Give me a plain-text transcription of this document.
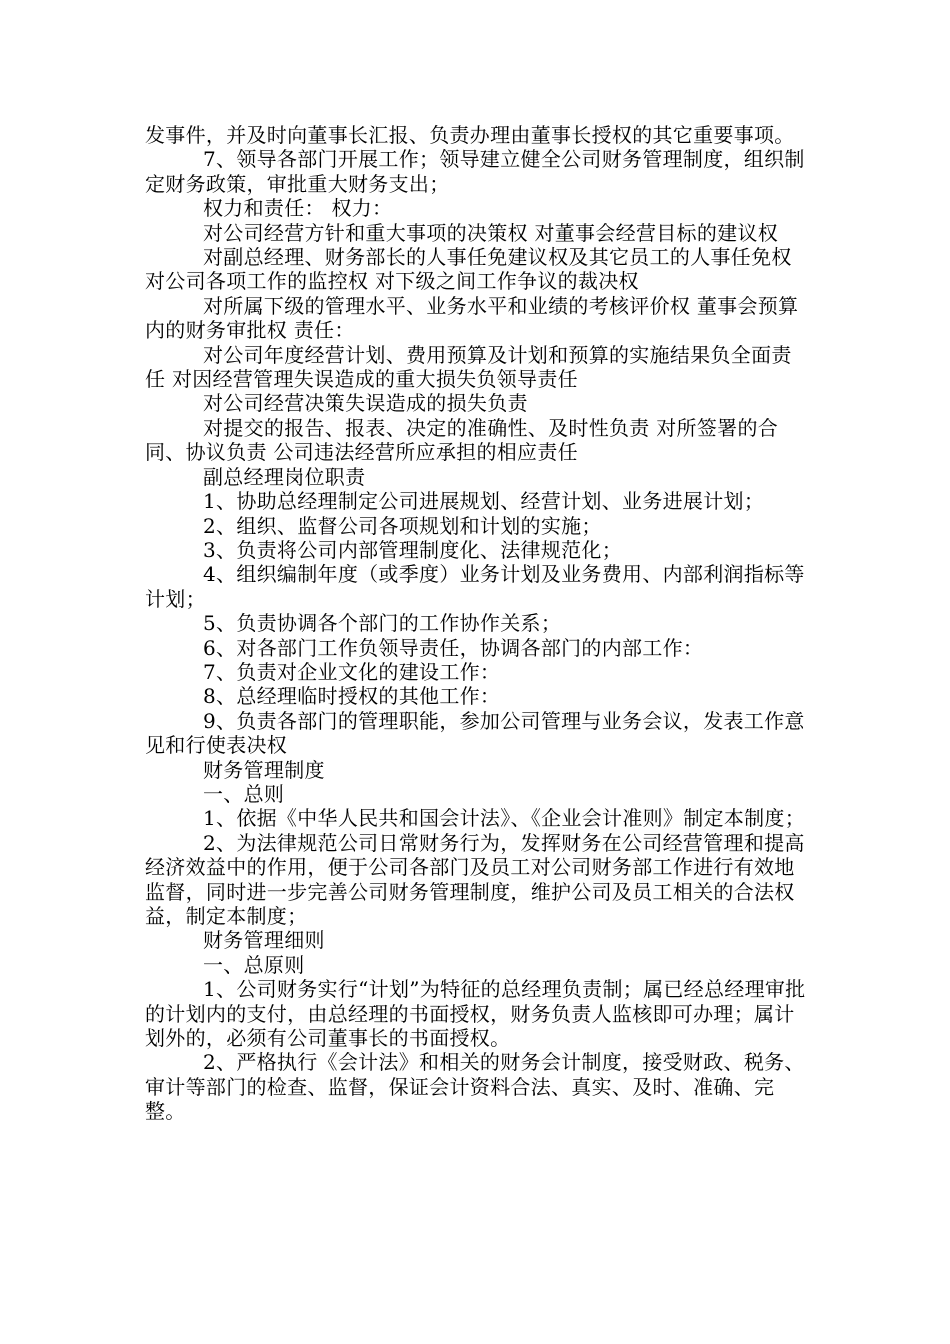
发事件，并及时向董事长汇报、负责办理由董事长授权的其它重要事项。

7、领导各部门开展工作；领导建立健全公司财务管理制度，组织制定财务政策，审批重大财务支出；

权力和责任： 权力：

对公司经营方针和重大事项的决策权 对董事会经营目标的建议权

对副总经理、财务部长的人事任免建议权及其它员工的人事任免权 对公司各项工作的监控权 对下级之间工作争议的裁决权

对所属下级的管理水平、业务水平和业绩的考核评价权 董事会预算内的财务审批权 责任：

对公司年度经营计划、费用预算及计划和预算的实施结果负全面责任 对因经营管理失误造成的重大损失负领导责任

对公司经营决策失误造成的损失负责

对提交的报告、报表、决定的准确性、及时性负责 对所签署的合同、协议负责 公司违法经营所应承担的相应责任

副总经理岗位职责

1、协助总经理制定公司进展规划、经营计划、业务进展计划；

2、组织、监督公司各项规划和计划的实施；

3、负责将公司内部管理制度化、法律规范化；

4、组织编制年度（或季度）业务计划及业务费用、内部利润指标等计划；

5、负责协调各个部门的工作协作关系；

6、对各部门工作负领导责任，协调各部门的内部工作：

7、负责对企业文化的建设工作：

8、总经理临时授权的其他工作：

9、负责各部门的管理职能，参加公司管理与业务会议，发表工作意见和行使表决权

财务管理制度

一、总则

1、依据《中华人民共和国会计法》、《企业会计准则》制定本制度；

2、为法律规范公司日常财务行为，发挥财务在公司经营管理和提高经济效益中的作用，便于公司各部门及员工对公司财务部工作进行有效地监督，同时进一步完善公司财务管理制度，维护公司及员工相关的合法权益，制定本制度；

财务管理细则

一、总原则

1、公司财务实行“计划”为特征的总经理负责制；属已经总经理审批的计划内的支付，由总经理的书面授权，财务负责人监核即可办理；属计划外的，必须有公司董事长的书面授权。

2、严格执行《会计法》和相关的财务会计制度，接受财政、税务、审计等部门的检查、监督，保证会计资料合法、真实、及时、准确、完整。
